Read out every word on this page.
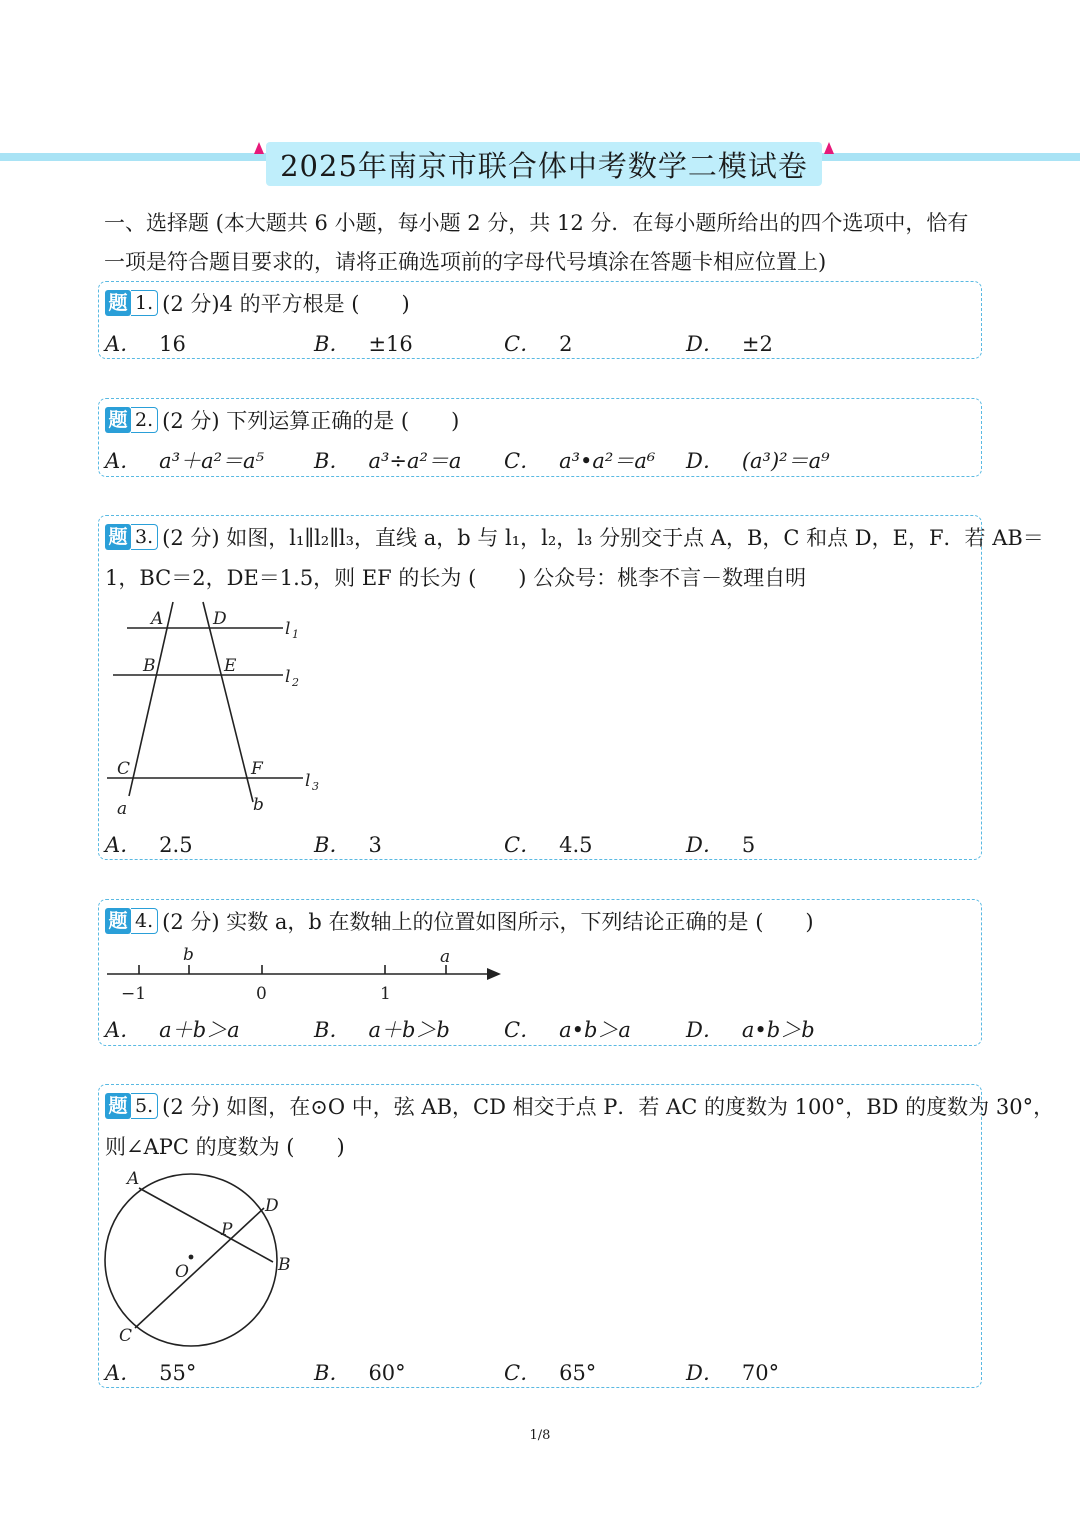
2025年南京市联合体中考数学二模试卷
一、选择题 (本大题共 6 小题，每小题 2 分，共 12 分．在每小题所给出的四个选项中，恰有一项是符合题目要求的，请将正确选项前的字母代号填涂在答题卡相应位置上)
题 1. (2 分)4 的平方根是 (　　)
A． 16	B． ±16	C． 2	D． ±2
题 2. (2 分) 下列运算正确的是 (　　)
A． a³＋a²＝a⁵ B． a³÷a²＝a C． a³•a²＝a⁶ D． (a³)²＝a⁹
题 3. (2 分) 如图，l₁∥l₂∥l₃，直线 a，b 与 l₁，l₂，l₃ 分别交于点 A，B，C 和点 D，E，F．若 AB＝
1，BC＝2，DE＝1.5，则 EF 的长为 (　　) 公众号：桃李不言－数理自明
A	D
B	E
C	F
a	b
l 1
l 2
l 3
A． 2.5	B． 3	C． 4.5	D． 5
题 4. (2 分) 实数 a，b 在数轴上的位置如图所示，下列结论正确的是 (　　)
b	a
−1	0	1
A． a＋b＞a	B． a＋b＞b	C． a•b＞a	D． a•b＞b
题 5. (2 分) 如图，在⊙O 中，弦 AB，CD 相交于点 P．若 AC 的度数为 100°，BD 的度数为 30°，
则∠APC 的度数为 (　　)
A
D
P
B
O
C
A． 55°	B． 60°	C． 65°	D． 70°
1/8
